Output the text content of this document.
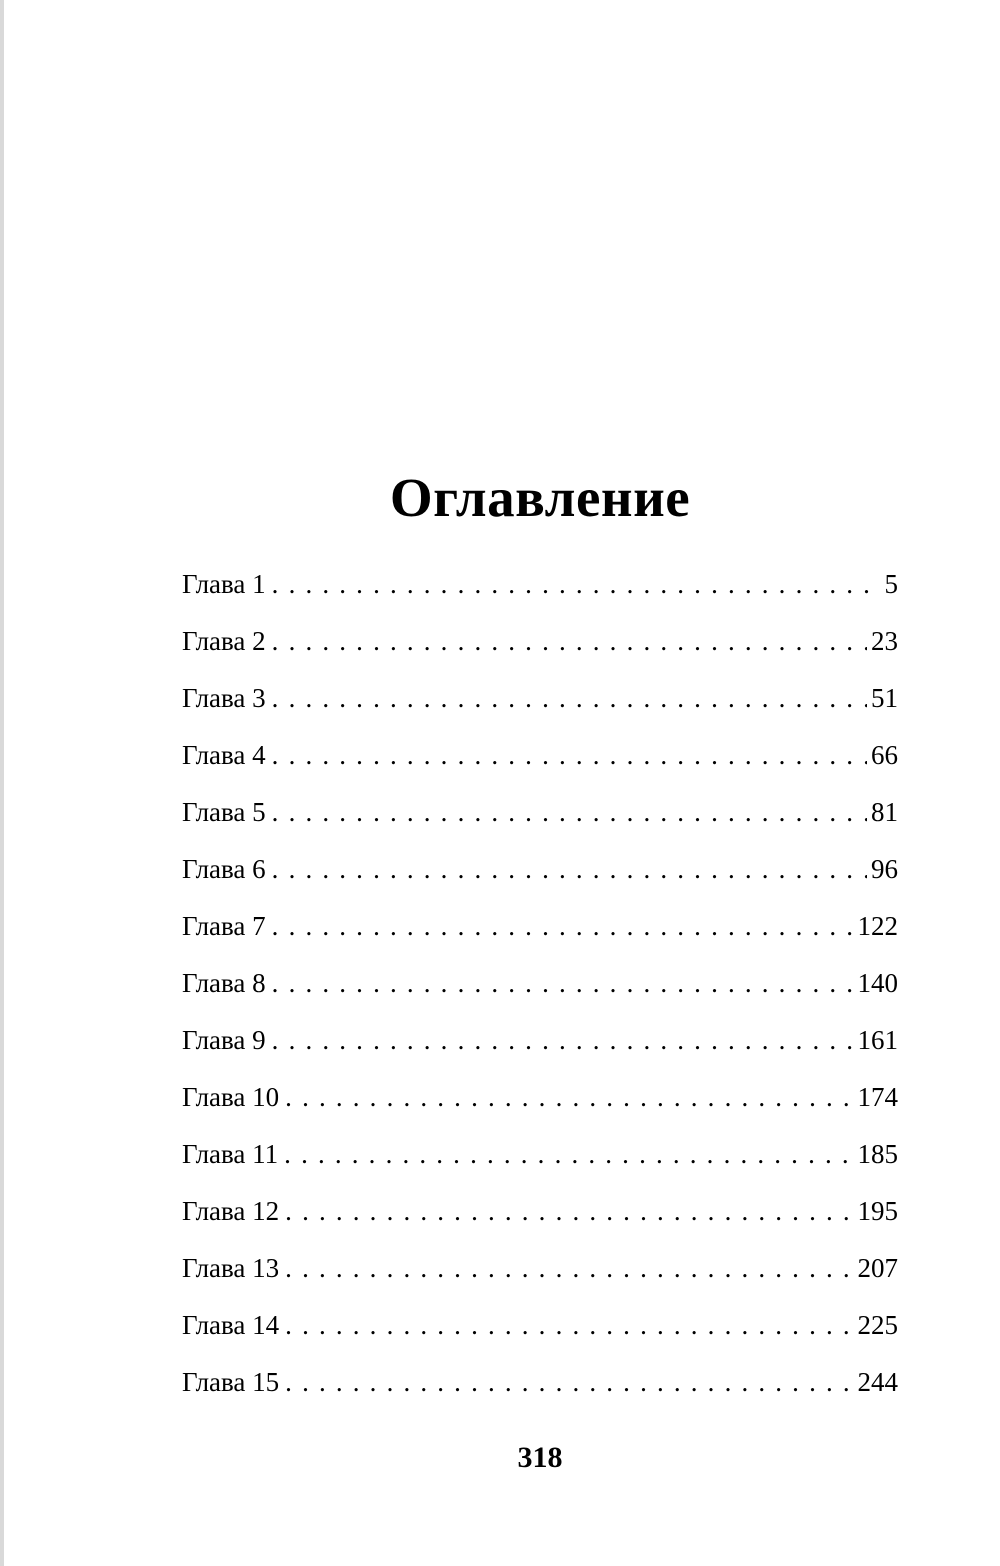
Оглавление
Глава 1 . . .	5
Глава 2 . . .	23
Глава 3 . . .	51
Глава 4 . . .	66
Глава 5 . . .	81
Глава 6 . . .	96
Глава 7 . . .	122
Глава 8 . . .	140
Глава 9 . . .	161
Глава 10 . . .	174
Глава 11 . . .	185
Глава 12 . . .	195
Глава 13 . . .	207
Глава 14 . . .	225
Глава 15 . . .	244
318
